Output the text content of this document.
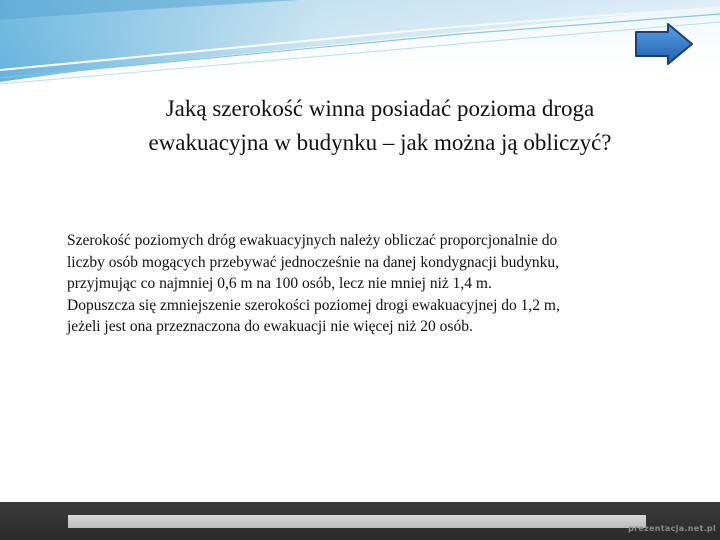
Jaką szerokość winna posiadać pozioma droga
ewakuacyjna w budynku – jak można ją obliczyć?
Szerokość poziomych dróg ewakuacyjnych należy obliczać proporcjonalnie do
liczby osób mogących przebywać jednocześnie na danej kondygnacji budynku,
przyjmując co najmniej 0,6 m na 100 osób, lecz nie mniej niż 1,4 m.
Dopuszcza się zmniejszenie szerokości poziomej drogi ewakuacyjnej do 1,2 m,
jeżeli jest ona przeznaczona do ewakuacji nie więcej niż 20 osób.
prezentacja.net.pl
